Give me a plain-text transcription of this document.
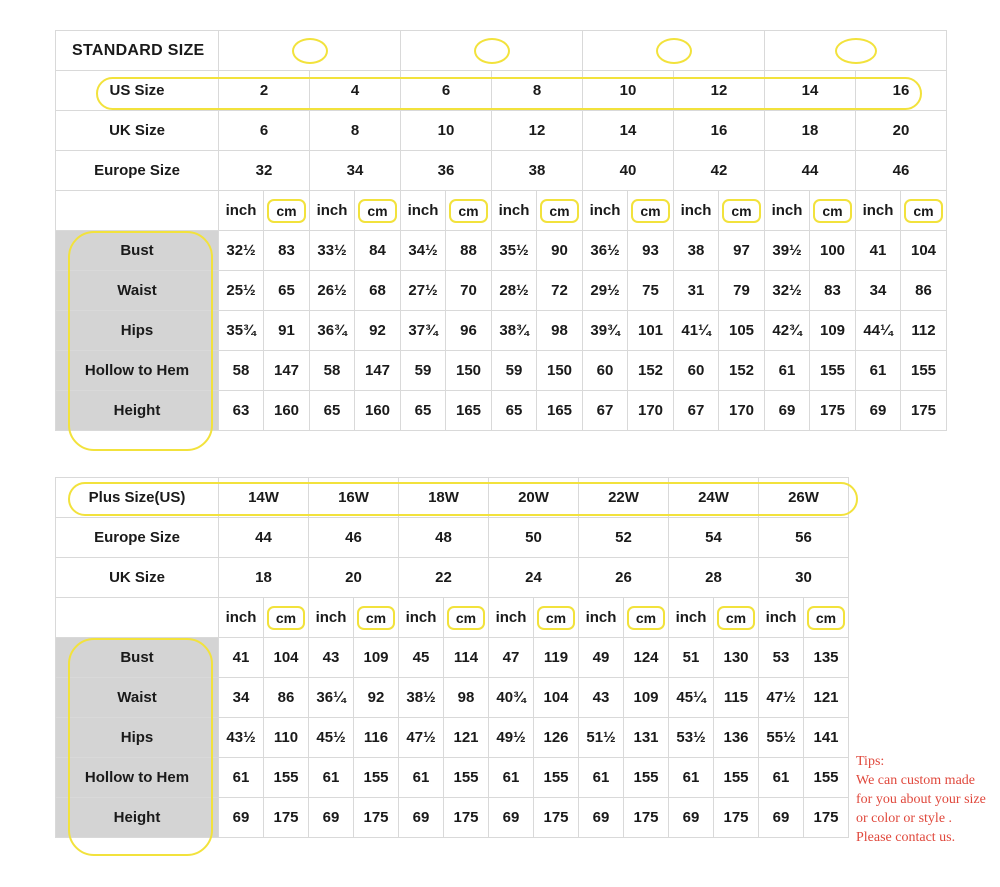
STANDARD SIZE	S				M				L				XL			
US Size	2		4		6		8		10		12		14		16	
UK Size	6		8		10		12		14		16		18		20	
Europe Size	32		34		36		38		40		42		44		46	
	inch	cm	inch	cm	inch	cm	inch	cm	inch	cm	inch	cm	inch	cm	inch	cm
Bust	32½	83	33½	84	34½	88	35½	90	36½	93	38	97	39½	100	41	104
Waist	25½	65	26½	68	27½	70	28½	72	29½	75	31	79	32½	83	34	86
Hips	35¾	91	36¾	92	37¾	96	38¾	98	39¾	101	41¼	105	42¾	109	44¼	112
Hollow to Hem	58	147	58	147	59	150	59	150	60	152	60	152	61	155	61	155
Height	63	160	65	160	65	165	65	165	67	170	67	170	69	175	69	175
Plus Size(US)	14W		16W		18W		20W		22W		24W		26W	
Europe Size	44		46		48		50		52		54		56	
UK Size	18		20		22		24		26		28		30	
	inch	cm	inch	cm	inch	cm	inch	cm	inch	cm	inch	cm	inch	cm
Bust	41	104	43	109	45	114	47	119	49	124	51	130	53	135
Waist	34	86	36¼	92	38½	98	40¾	104	43	109	45¼	115	47½	121
Hips	43½	110	45½	116	47½	121	49½	126	51½	131	53½	136	55½	141
Hollow to Hem	61	155	61	155	61	155	61	155	61	155	61	155	61	155
Height	69	175	69	175	69	175	69	175	69	175	69	175	69	175
Tips:
We can custom made
for you about your size
or color or style .
Please contact us.
